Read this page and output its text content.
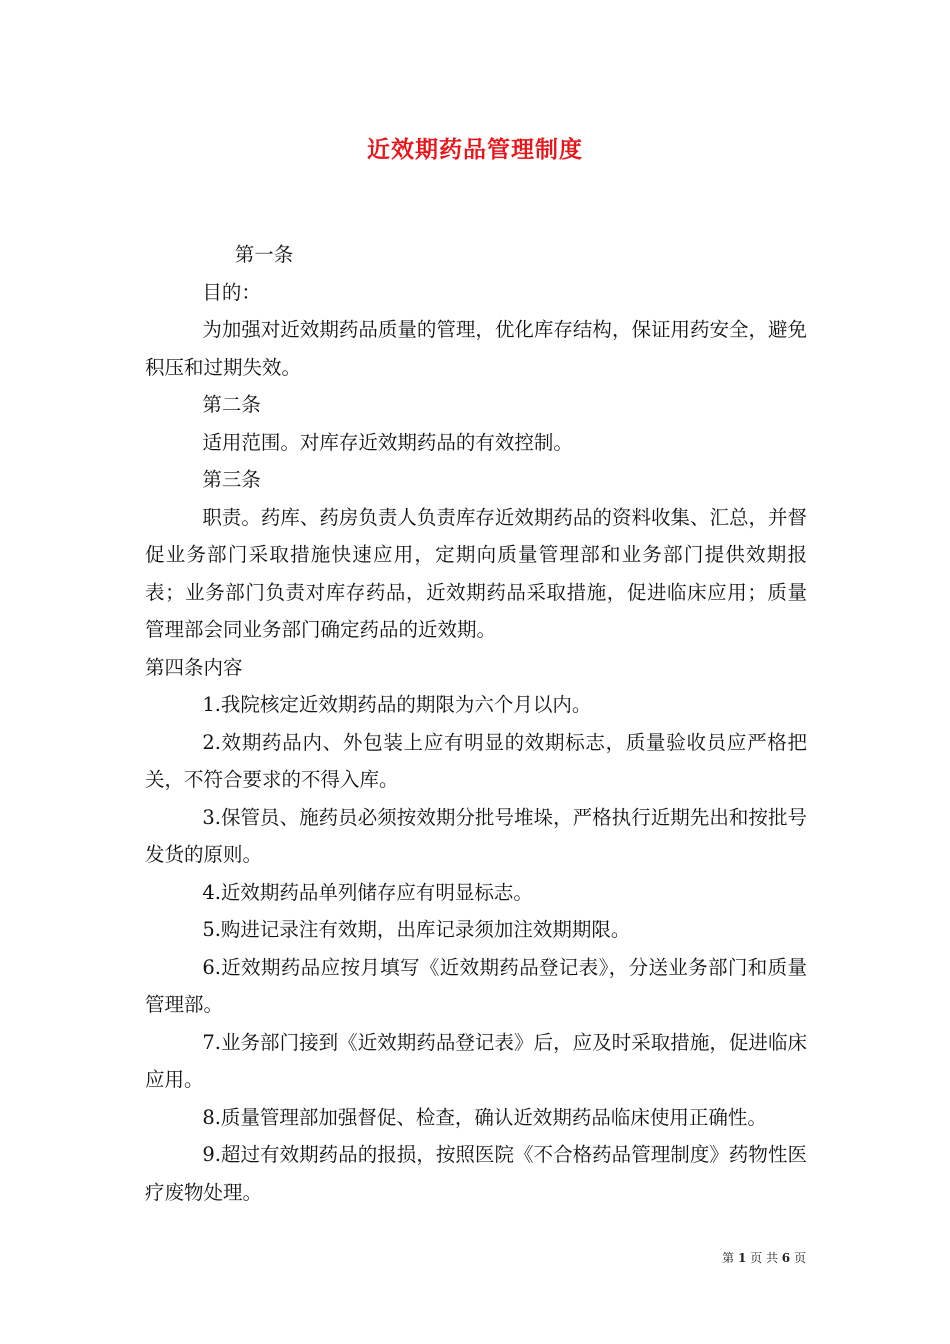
近效期药品管理制度

第一条

目的：

为加强对近效期药品质量的管理，优化库存结构，保证用药安全，避免积压和过期失效。

第二条

适用范围。对库存近效期药品的有效控制。

第三条

职责。药库、药房负责人负责库存近效期药品的资料收集、汇总，并督促业务部门采取措施快速应用，定期向质量管理部和业务部门提供效期报表；业务部门负责对库存药品，近效期药品采取措施，促进临床应用；质量管理部会同业务部门确定药品的近效期。

第四条内容

1.我院核定近效期药品的期限为六个月以内。

2.效期药品内、外包装上应有明显的效期标志，质量验收员应严格把关，不符合要求的不得入库。

3.保管员、施药员必须按效期分批号堆垛，严格执行近期先出和按批号发货的原则。

4.近效期药品单列储存应有明显标志。

5.购进记录注有效期，出库记录须加注效期期限。

6.近效期药品应按月填写《近效期药品登记表》，分送业务部门和质量管理部。

7.业务部门接到《近效期药品登记表》后，应及时采取措施，促进临床应用。

8.质量管理部加强督促、检查，确认近效期药品临床使用正确性。

9.超过有效期药品的报损，按照医院《不合格药品管理制度》药物性医疗废物处理。

第 1 页 共 6 页
